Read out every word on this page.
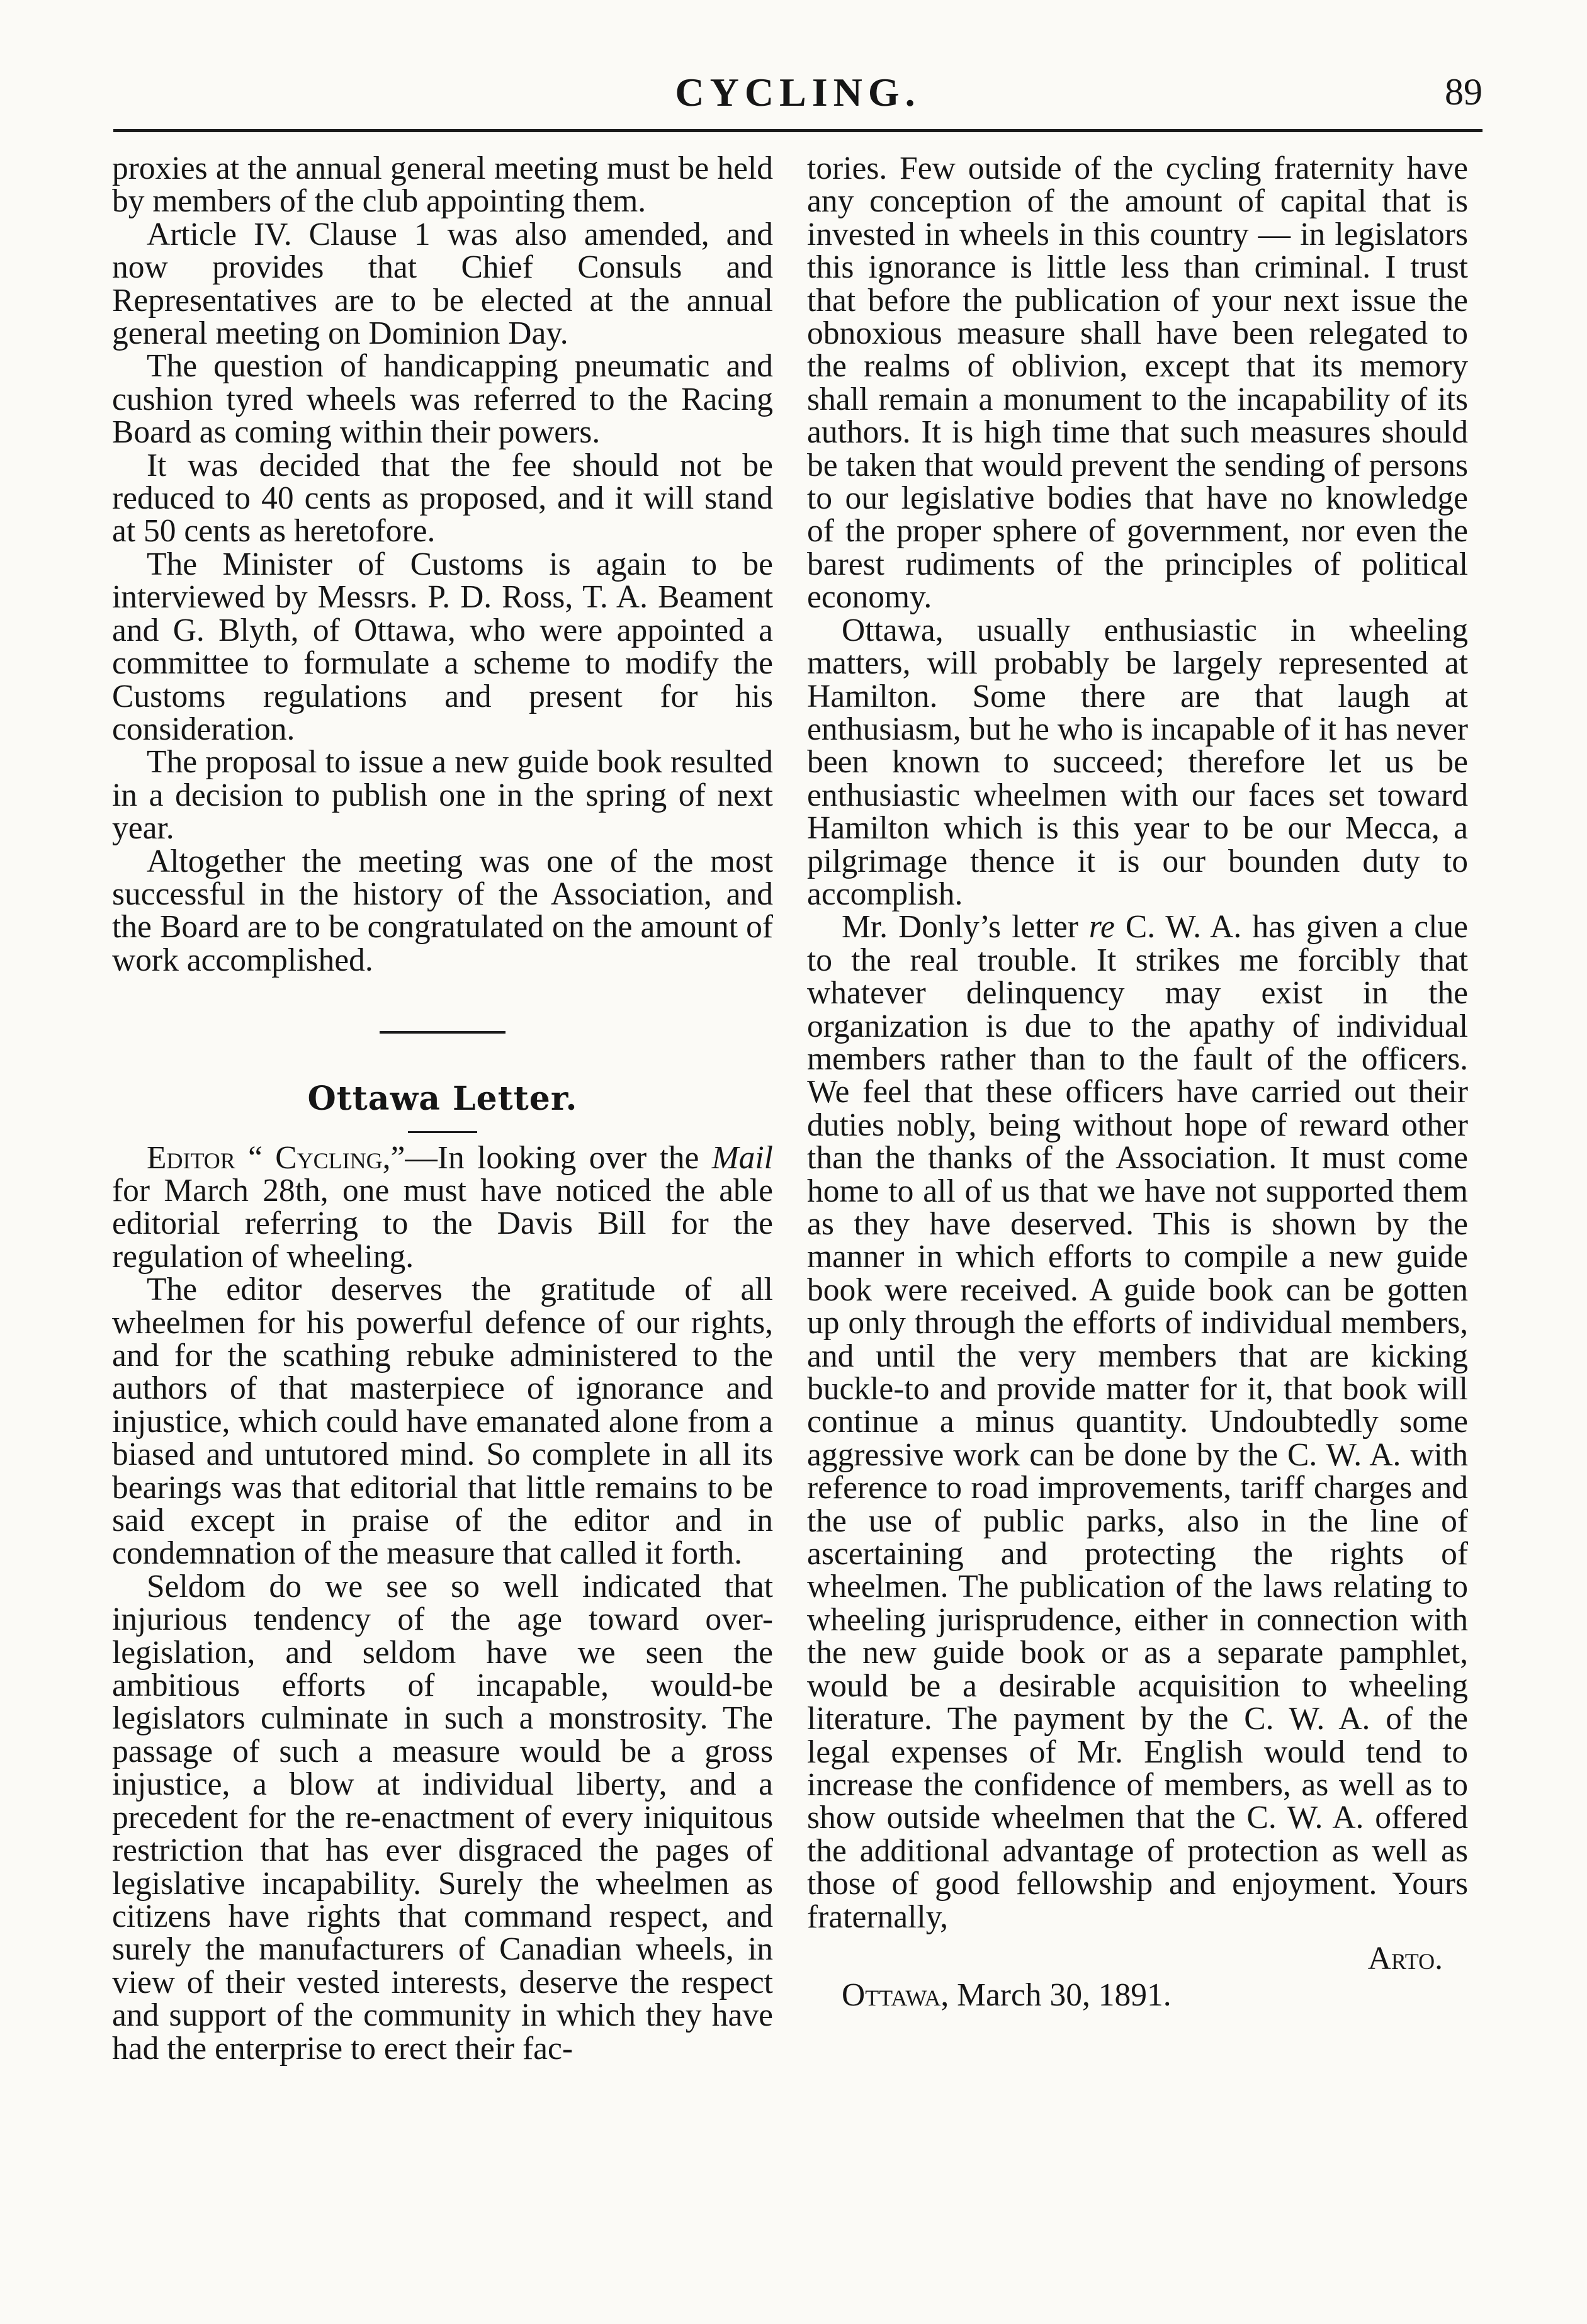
CYCLING.	89

proxies at the annual general meeting must be held by members of the club appointing them.

Article IV. Clause 1 was also amended, and now provides that Chief Consuls and Representatives are to be elected at the annual general meeting on Dominion Day.

The question of handicapping pneumatic and cushion tyred wheels was referred to the Racing Board as coming within their powers.

It was decided that the fee should not be reduced to 40 cents as proposed, and it will stand at 50 cents as heretofore.

The Minister of Customs is again to be interviewed by Messrs. P. D. Ross, T. A. Beament and G. Blyth, of Ottawa, who were appointed a committee to formulate a scheme to modify the Customs regulations and present for his consideration.

The proposal to issue a new guide book resulted in a decision to publish one in the spring of next year.

Altogether the meeting was one of the most successful in the history of the Association, and the Board are to be congratulated on the amount of work accomplished.

Ottawa Letter.

Editor “ Cycling,”—In looking over the Mail for March 28th, one must have noticed the able editorial referring to the Davis Bill for the regulation of wheeling.

The editor deserves the gratitude of all wheelmen for his powerful defence of our rights, and for the scathing rebuke administered to the authors of that masterpiece of ignorance and injustice, which could have emanated alone from a biased and untutored mind. So complete in all its bearings was that editorial that little remains to be said except in praise of the editor and in condemnation of the measure that called it forth.

Seldom do we see so well indicated that injurious tendency of the age toward over-legislation, and seldom have we seen the ambitious efforts of incapable, would-be legislators culminate in such a monstrosity. The passage of such a measure would be a gross injustice, a blow at individual liberty, and a precedent for the re-enactment of every iniquitous restriction that has ever disgraced the pages of legislative incapability. Surely the wheelmen as citizens have rights that command respect, and surely the manufacturers of Canadian wheels, in view of their vested interests, deserve the respect and support of the community in which they have had the enterprise to erect their fac-

tories. Few outside of the cycling fraternity have any conception of the amount of capital that is invested in wheels in this country — in legislators this ignorance is little less than criminal. I trust that before the publication of your next issue the obnoxious measure shall have been relegated to the realms of oblivion, except that its memory shall remain a monument to the incapability of its authors. It is high time that such measures should be taken that would prevent the sending of persons to our legislative bodies that have no knowledge of the proper sphere of government, nor even the barest rudiments of the principles of political economy.

Ottawa, usually enthusiastic in wheeling matters, will probably be largely represented at Hamilton. Some there are that laugh at enthusiasm, but he who is incapable of it has never been known to succeed; therefore let us be enthusiastic wheelmen with our faces set toward Hamilton which is this year to be our Mecca, a pilgrimage thence it is our bounden duty to accomplish.

Mr. Donly’s letter re C. W. A. has given a clue to the real trouble. It strikes me forcibly that whatever delinquency may exist in the organization is due to the apathy of individual members rather than to the fault of the officers. We feel that these officers have carried out their duties nobly, being without hope of reward other than the thanks of the Association. It must come home to all of us that we have not supported them as they have deserved. This is shown by the manner in which efforts to compile a new guide book were received. A guide book can be gotten up only through the efforts of individual members, and until the very members that are kicking buckle-to and provide matter for it, that book will continue a minus quantity. Undoubtedly some aggressive work can be done by the C. W. A. with reference to road improvements, tariff charges and the use of public parks, also in the line of ascertaining and protecting the rights of wheelmen. The publication of the laws relating to wheeling jurisprudence, either in connection with the new guide book or as a separate pamphlet, would be a desirable acquisition to wheeling literature. The payment by the C. W. A. of the legal expenses of Mr. English would tend to increase the confidence of members, as well as to show outside wheelmen that the C. W. A. offered the additional advantage of protection as well as those of good fellowship and enjoyment. Yours fraternally,

Arto.
Ottawa, March 30, 1891.
